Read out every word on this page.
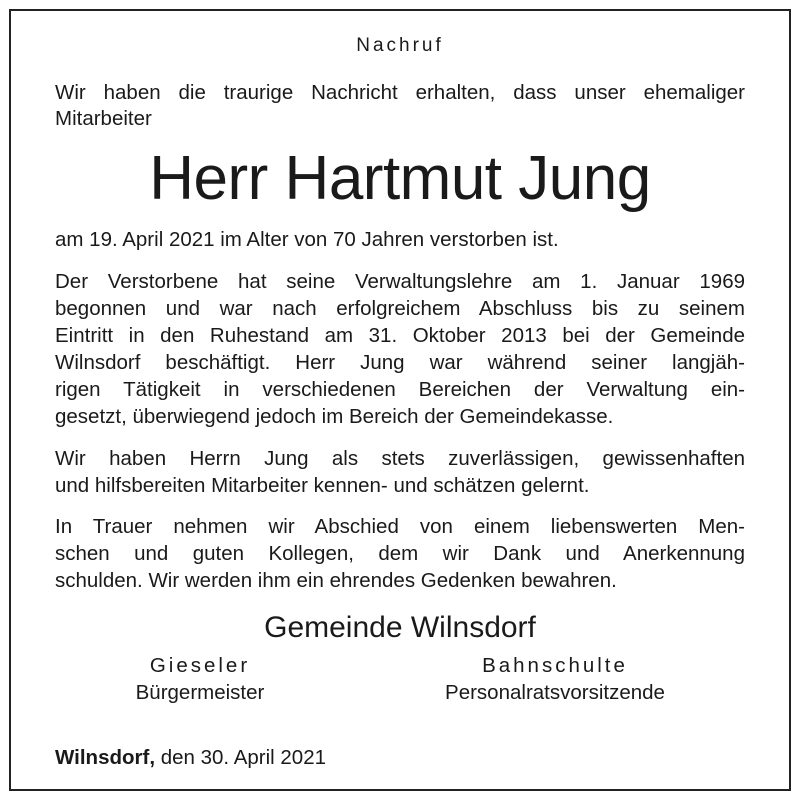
Nachruf
Wir haben die traurige Nachricht erhalten, dass unser ehemaliger
Mitarbeiter
Herr Hartmut Jung
am 19. April 2021 im Alter von 70 Jahren verstorben ist.
Der Verstorbene hat seine Verwaltungslehre am 1. Januar 1969
begonnen und war nach erfolgreichem Abschluss bis zu seinem
Eintritt in den Ruhestand am 31. Oktober 2013 bei der Gemeinde
Wilnsdorf beschäftigt. Herr Jung war während seiner langjäh-
rigen Tätigkeit in verschiedenen Bereichen der Verwaltung ein-
gesetzt, überwiegend jedoch im Bereich der Gemeindekasse.
Wir haben Herrn Jung als stets zuverlässigen, gewissenhaften
und hilfsbereiten Mitarbeiter kennen- und schätzen gelernt.
In Trauer nehmen wir Abschied von einem liebenswerten Men-
schen und guten Kollegen, dem wir Dank und Anerkennung
schulden. Wir werden ihm ein ehrendes Gedenken bewahren.
Gemeinde Wilnsdorf
Gieseler
Bürgermeister
Bahnschulte
Personalratsvorsitzende
Wilnsdorf, den 30. April 2021
